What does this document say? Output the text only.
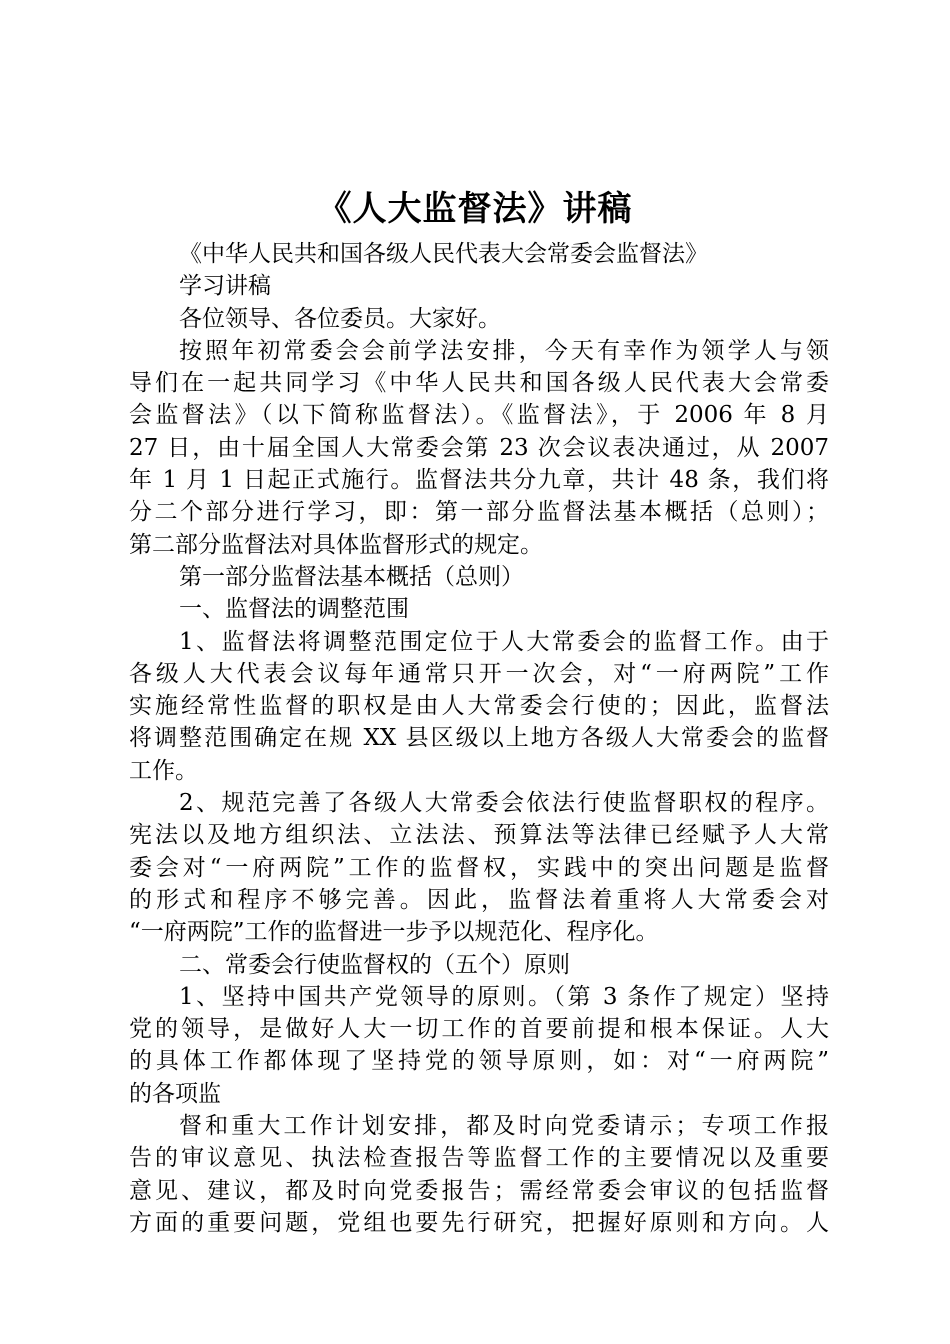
《人大监督法》讲稿
《中华人民共和国各级人民代表大会常委会监督法》
学习讲稿
各位领导、各位委员。大家好。
按照年初常委会会前学法安排，今天有幸作为领学人与领
导们在一起共同学习《中华人民共和国各级人民代表大会常委
会监督法》（以下简称监督法）。《监督法》，于 2006 年 8 月
27 日，由十届全国人大常委会第 23 次会议表决通过，从 2007
年 1 月 1 日起正式施行。监督法共分九章，共计 48 条，我们将
分二个部分进行学习，即：第一部分监督法基本概括（总则）；
第二部分监督法对具体监督形式的规定。
第一部分监督法基本概括（总则）
一、监督法的调整范围
1、监督法将调整范围定位于人大常委会的监督工作。由于
各级人大代表会议每年通常只开一次会，对“一府两院”工作
实施经常性监督的职权是由人大常委会行使的；因此，监督法
将调整范围确定在规 XX 县区级以上地方各级人大常委会的监督
工作。
2、规范完善了各级人大常委会依法行使监督职权的程序。
宪法以及地方组织法、立法法、预算法等法律已经赋予人大常
委会对“一府两院”工作的监督权，实践中的突出问题是监督
的形式和程序不够完善。因此，监督法着重将人大常委会对
“一府两院”工作的监督进一步予以规范化、程序化。
二、常委会行使监督权的（五个）原则
1、坚持中国共产党领导的原则。（第 3 条作了规定）坚持
党的领导，是做好人大一切工作的首要前提和根本保证。人大
的具体工作都体现了坚持党的领导原则，如：对“一府两院”
的各项监
督和重大工作计划安排，都及时向党委请示；专项工作报
告的审议意见、执法检查报告等监督工作的主要情况以及重要
意见、建议，都及时向党委报告；需经常委会审议的包括监督
方面的重要问题，党组也要先行研究，把握好原则和方向。人
